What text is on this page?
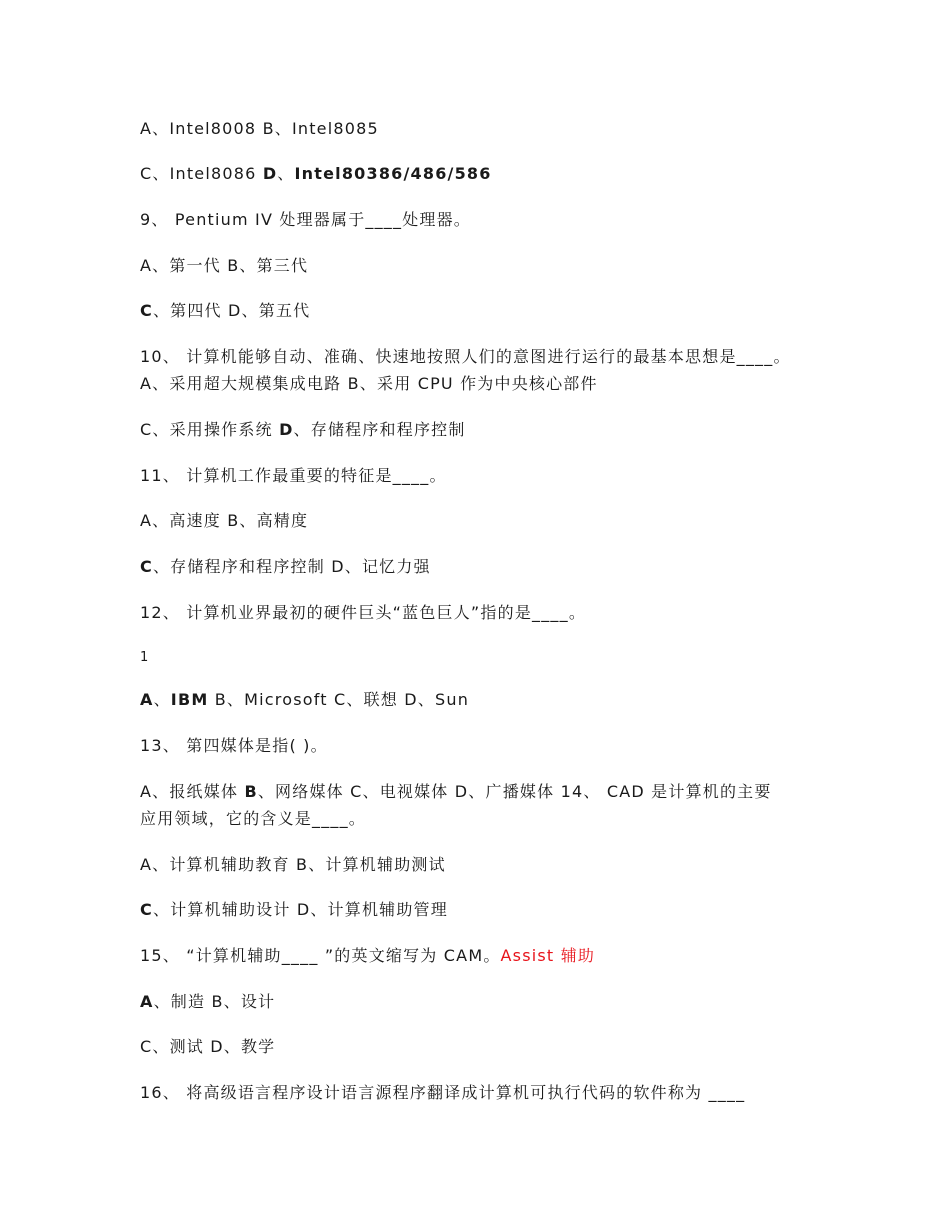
A、Intel8008 B、Intel8085
C、Intel8086 D、Intel80386/486/586
9、 Pentium IV 处理器属于____处理器。
A、第一代 B、第三代
C、第四代 D、第五代
10、 计算机能够自动、准确、快速地按照人们的意图进行运行的最基本思想是____。
A、采用超大规模集成电路 B、采用 CPU 作为中央核心部件
C、采用操作系统 D、存储程序和程序控制
11、 计算机工作最重要的特征是____。
A、高速度 B、高精度
C、存储程序和程序控制 D、记忆力强
12、 计算机业界最初的硬件巨头“蓝色巨人”指的是____。
1
A、IBM B、Microsoft C、联想 D、Sun
13、 第四媒体是指( )。
A、报纸媒体 B、网络媒体 C、电视媒体 D、广播媒体 14、 CAD 是计算机的主要
应用领域，它的含义是____。
A、计算机辅助教育 B、计算机辅助测试
C、计算机辅助设计 D、计算机辅助管理
15、 “计算机辅助____ ”的英文缩写为 CAM。Assist 辅助
A、制造 B、设计
C、测试 D、教学
16、 将高级语言程序设计语言源程序翻译成计算机可执行代码的软件称为 ____
